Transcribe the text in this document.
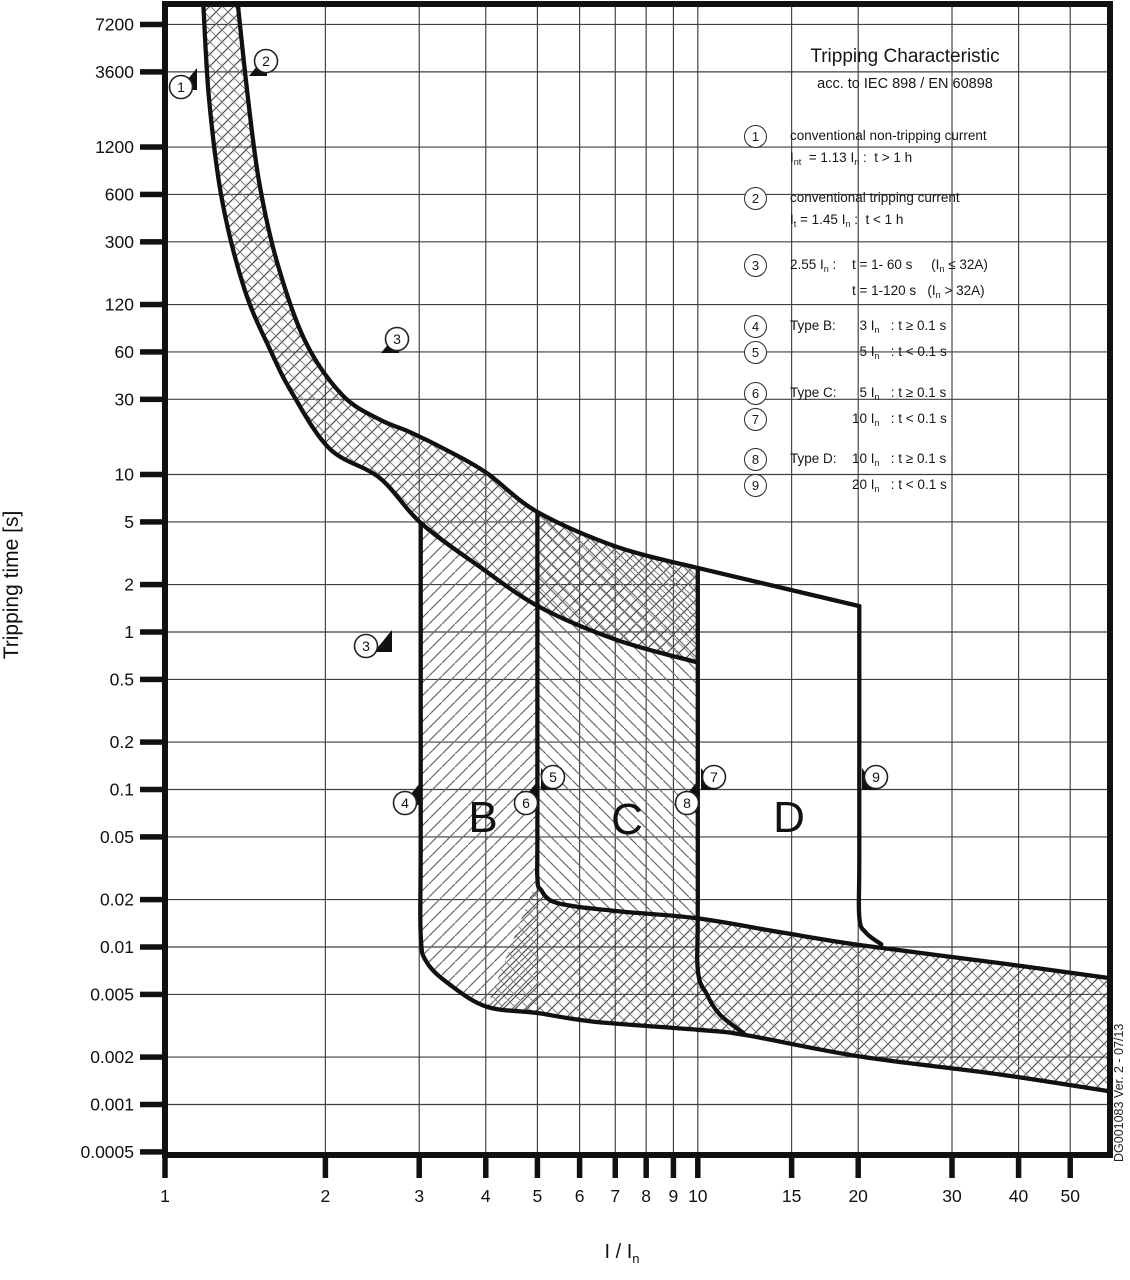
7200
3600
1200
600
300
120
60
30
10
5
2
1
0.5
0.2
0.1
0.05
0.02
0.01
0.005
0.002
0.001
0.0005
1	2	3	4 5 6 7 8 9 10	15	20	30	40 50
1
2
3
3
4
5
6
7
8
9
B	C	D
Tripping time [s]
I / $I_n$
Tripping Characteristic
acc. to IEC 898 / EN 60898
1
2
3
4
5
6
7
8
9
conventional non-tripping current
$I_{nt} = 1.13$ $I_n$ :  t > 1 h
conventional tripping current
$I_t = 1.45$ $I_n$ :  t < 1 h
2.55 $I_n$ : t = 1- 60 s     $(I_n \le 32A)$
t = 1-120 s   $(I_n > 32A)$
Type B: 3 $I_n$   : t ≥ 0.1 s
5 $I_n$   : t < 0.1 s
Type C: 5 $I_n$   : t ≥ 0.1 s
10 $I_n$   : t < 0.1 s
Type D: 10 $I_n$   : t ≥ 0.1 s
20 $I_n$   : t < 0.1 s
DG001083 Ver. 2 - 07/13
